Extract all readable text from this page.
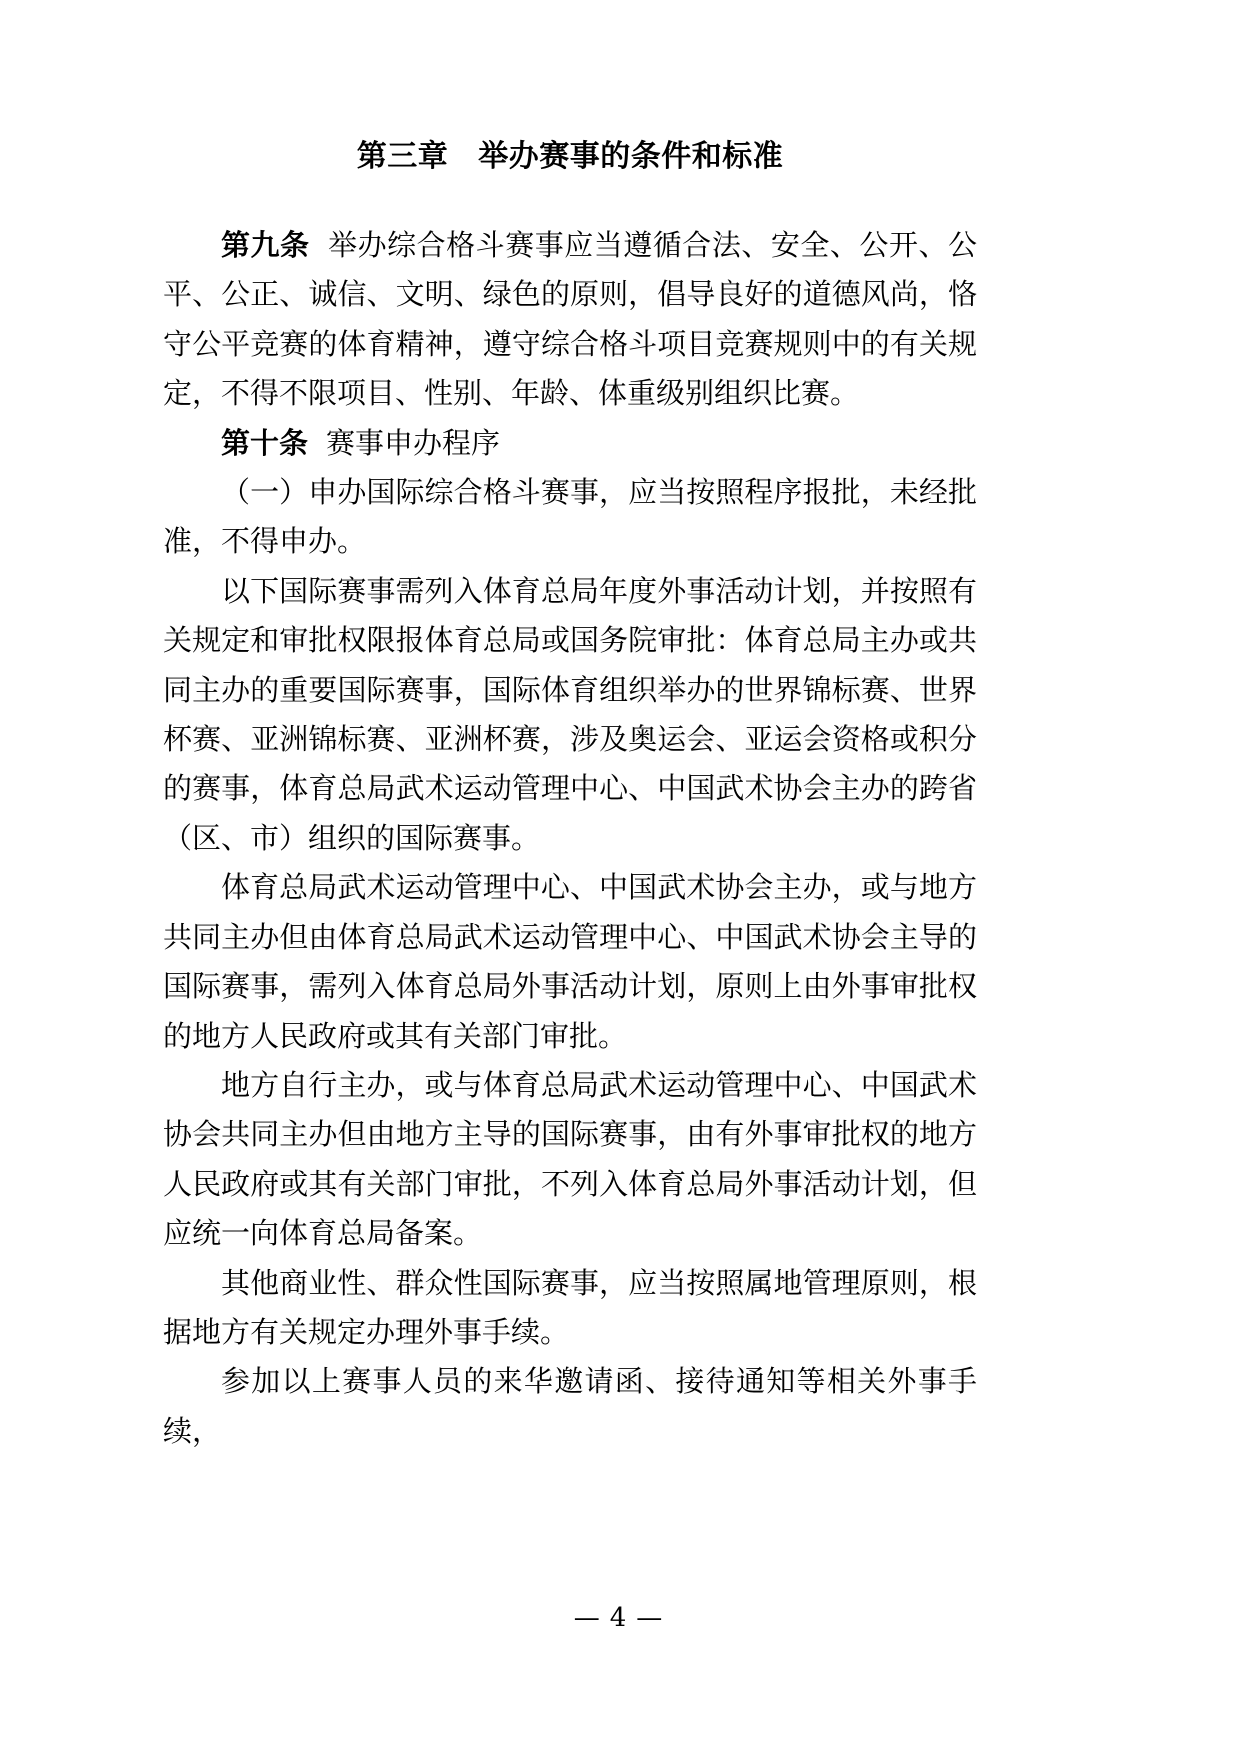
第三章 举办赛事的条件和标准

第九条 举办综合格斗赛事应当遵循合法、安全、公开、公平、公正、诚信、文明、绿色的原则，倡导良好的道德风尚，恪守公平竞赛的体育精神，遵守综合格斗项目竞赛规则中的有关规定，不得不限项目、性别、年龄、体重级别组织比赛。

第十条 赛事申办程序

（一）申办国际综合格斗赛事，应当按照程序报批，未经批准，不得申办。

以下国际赛事需列入体育总局年度外事活动计划，并按照有关规定和审批权限报体育总局或国务院审批：体育总局主办或共同主办的重要国际赛事，国际体育组织举办的世界锦标赛、世界杯赛、亚洲锦标赛、亚洲杯赛，涉及奥运会、亚运会资格或积分的赛事，体育总局武术运动管理中心、中国武术协会主办的跨省（区、市）组织的国际赛事。

体育总局武术运动管理中心、中国武术协会主办，或与地方共同主办但由体育总局武术运动管理中心、中国武术协会主导的国际赛事，需列入体育总局外事活动计划，原则上由外事审批权的地方人民政府或其有关部门审批。

地方自行主办，或与体育总局武术运动管理中心、中国武术协会共同主办但由地方主导的国际赛事，由有外事审批权的地方人民政府或其有关部门审批，不列入体育总局外事活动计划，但应统一向体育总局备案。

其他商业性、群众性国际赛事，应当按照属地管理原则，根据地方有关规定办理外事手续。

参加以上赛事人员的来华邀请函、接待通知等相关外事手续，

— 4 —
